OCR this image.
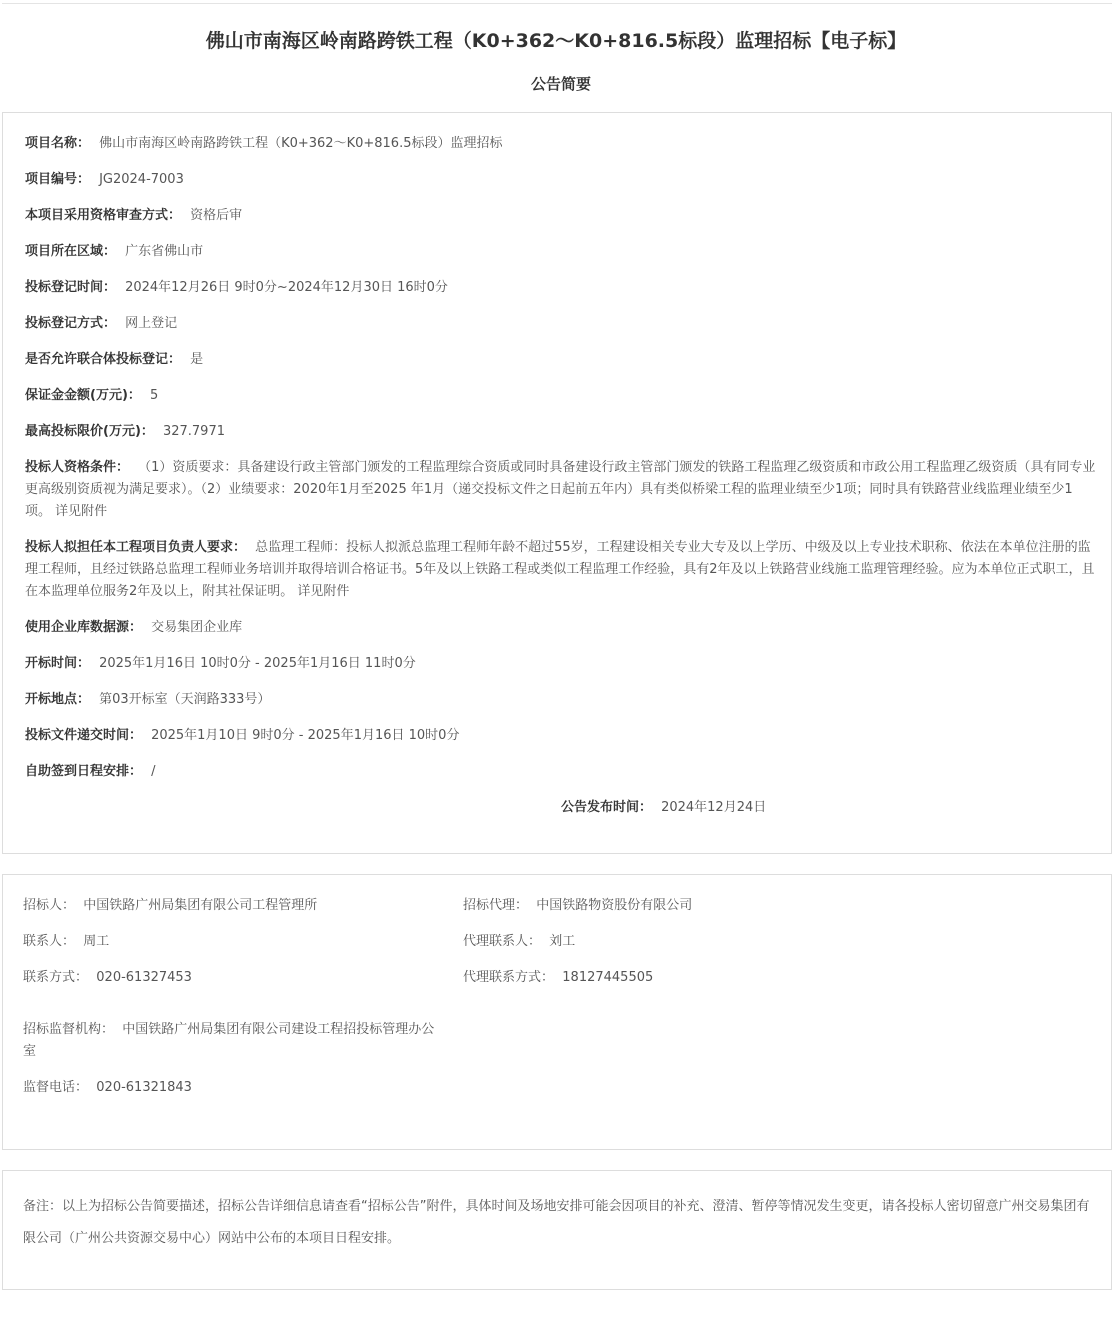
佛山市南海区岭南路跨铁工程（K0+362～K0+816.5标段）监理招标【电子标】
公告简要
项目名称： 佛山市南海区岭南路跨铁工程（K0+362～K0+816.5标段）监理招标
项目编号： JG2024-7003
本项目采用资格审查方式： 资格后审
项目所在区域： 广东省佛山市
投标登记时间： 2024年12月26日 9时0分~2024年12月30日 16时0分
投标登记方式： 网上登记
是否允许联合体投标登记： 是
保证金金额(万元)： 5
最高投标限价(万元)： 327.7971
投标人资格条件： （1）资质要求：具备建设行政主管部门颁发的工程监理综合资质或同时具备建设行政主管部门颁发的铁路工程监理乙级资质和市政公用工程监理乙级资质（具有同专业更高级别资质视为满足要求）。（2）业绩要求：2020年1月至2025 年1月（递交投标文件之日起前五年内）具有类似桥梁工程的监理业绩至少1项；同时具有铁路营业线监理业绩至少1项。 详见附件
投标人拟担任本工程项目负责人要求： 总监理工程师：投标人拟派总监理工程师年龄不超过55岁，工程建设相关专业大专及以上学历、中级及以上专业技术职称、依法在本单位注册的监理工程师，且经过铁路总监理工程师业务培训并取得培训合格证书。5年及以上铁路工程或类似工程监理工作经验，具有2年及以上铁路营业线施工监理管理经验。应为本单位正式职工，且在本监理单位服务2年及以上，附其社保证明。 详见附件
使用企业库数据源： 交易集团企业库
开标时间： 2025年1月16日 10时0分 - 2025年1月16日 11时0分
开标地点： 第03开标室（天润路333号）
投标文件递交时间： 2025年1月10日 9时0分 - 2025年1月16日 10时0分
自助签到日程安排： /
公告发布时间： 2024年12月24日
招标人： 中国铁路广州局集团有限公司工程管理所	招标代理： 中国铁路物资股份有限公司
联系人： 周工	代理联系人： 刘工
联系方式： 020-61327453	代理联系方式： 18127445505
招标监督机构： 中国铁路广州局集团有限公司建设工程招投标管理办公室
监督电话： 020-61321843
备注：以上为招标公告简要描述，招标公告详细信息请查看“招标公告”附件，具体时间及场地安排可能会因项目的补充、澄清、暂停等情况发生变更，请各投标人密切留意广州交易集团有限公司（广州公共资源交易中心）网站中公布的本项目日程安排。
